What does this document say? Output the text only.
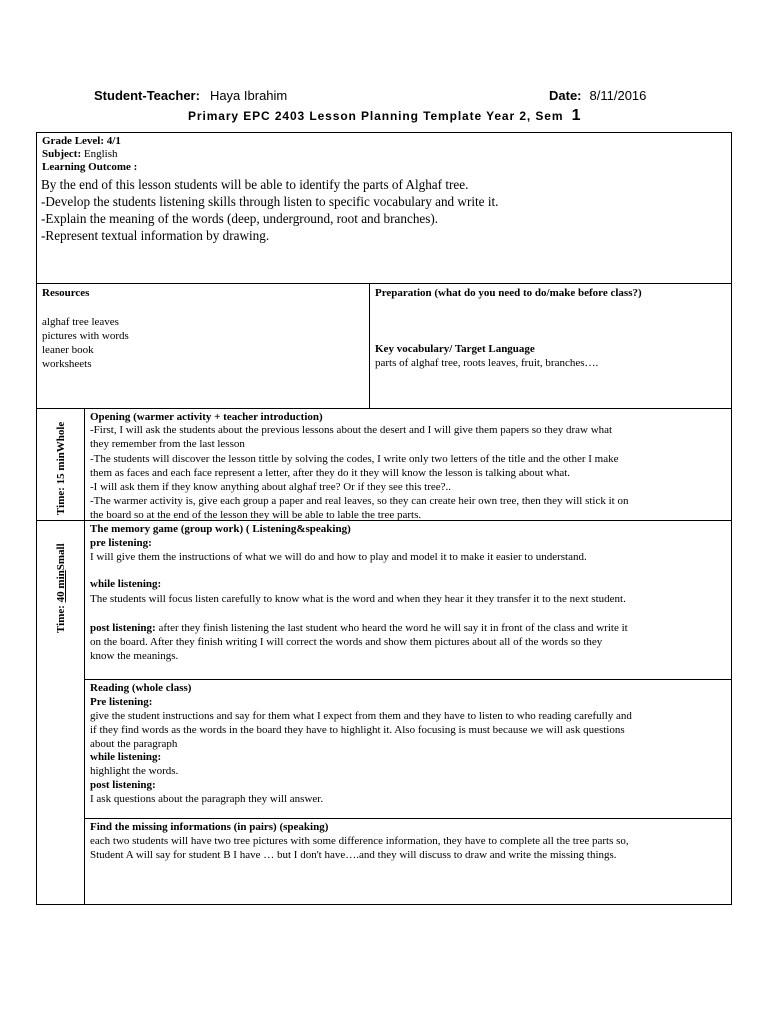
Student-Teacher: Haya Ibrahim	Date: 8/11/2016
Primary EPC 2403 Lesson Planning Template Year 2, Sem 1
Grade Level: 4/1
Subject: English
Learning Outcome :
By the end of this lesson students will be able to identify the parts of Alghaf tree.
-Develop the students listening skills through listen to specific vocabulary and write it.
-Explain the meaning of the words (deep, underground, root and branches).
-Represent textual information by drawing.
Resources
alghaf tree leaves
pictures with words
leaner book
worksheets
Preparation (what do you need to do/make before class?)
Key vocabulary/ Target Language
parts of alghaf tree, roots leaves, fruit, branches….
Time: 15 minWhole
Time: 40 minSmall
Opening (warmer activity + teacher introduction)
-First, I will ask the students about the previous lessons about the desert and I will give them papers so they draw what
they remember from the last lesson
-The students will discover the lesson tittle by solving the codes, I write only two letters of the title and the other I make
them as faces and each face represent a letter, after they do it they will know the lesson is talking about what.
-I will ask them if they know anything about alghaf tree? Or if they see this tree?..
-The warmer activity is, give each group a paper and real leaves, so they can create heir own tree, then they will stick it on
the board so at the end of the lesson they will be able to lable the tree parts.
The memory game (group work) ( Listening&speaking)
pre listening:
I will give them the instructions of what we will do and how to play and model it to make it easier to understand.
while listening:
The students will focus listen carefully to know what is the word and when they hear it they transfer it to the next student.
post listening: after they finish listening the last student who heard the word he will say it in front of the class and write it
on the board. After they finish writing I will correct the words and show them pictures about all of the words so they
know the meanings.
Reading (whole class)
Pre listening:
give the student instructions and say for them what I expect from them and they have to listen to who reading carefully and
if they find words as the words in the board they have to highlight it. Also focusing is must because we will ask questions
about the paragraph
while listening:
highlight the words.
post listening:
I ask questions about the paragraph they will answer.
Find the missing informations (in pairs) (speaking)
each two students will have two tree pictures with some difference information, they have to complete all the tree parts so,
Student A will say for student B I have … but I don't have….and they will discuss to draw and write the missing things.
